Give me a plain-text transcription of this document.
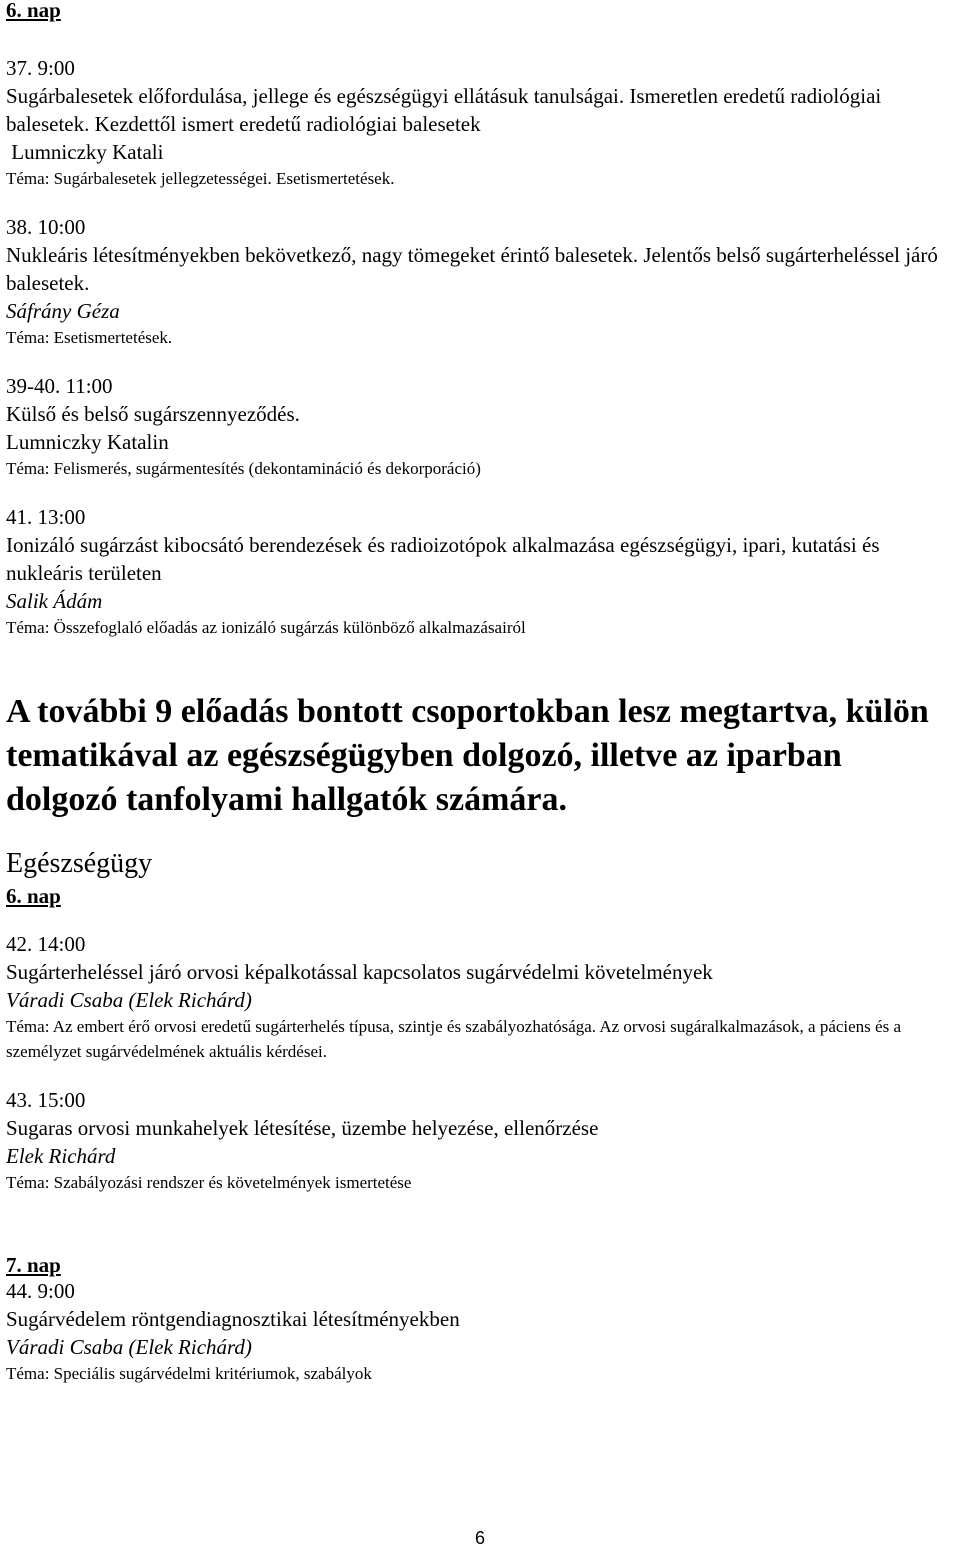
6. nap
37. 9:00
Sugárbalesetek előfordulása, jellege és egészségügyi ellátásuk tanulságai. Ismeretlen eredetű radiológiai balesetek. Kezdettől ismert eredetű radiológiai balesetek
Lumniczky Katali
Téma: Sugárbalesetek jellegzetességei. Esetismertetések.
38. 10:00
Nukleáris létesítményekben bekövetkező, nagy tömegeket érintő balesetek. Jelentős belső sugárterheléssel járó balesetek.
Sáfrány Géza
Téma: Esetismertetések.
39-40. 11:00
Külső és belső sugárszennyeződés.
Lumniczky Katalin
Téma: Felismerés, sugármentesítés (dekontamináció és dekorporáció)
41. 13:00
Ionizáló sugárzást kibocsátó berendezések és radioizotópok alkalmazása egészségügyi, ipari, kutatási és nukleáris területen
Salik Ádám
Téma: Összefoglaló előadás az ionizáló sugárzás különböző alkalmazásairól
A további 9 előadás bontott csoportokban lesz megtartva, külön tematikával az egészségügyben dolgozó, illetve az iparban dolgozó tanfolyami hallgatók számára.
Egészségügy
6. nap
42. 14:00
Sugárterheléssel járó orvosi képalkotással kapcsolatos sugárvédelmi követelmények
Váradi Csaba (Elek Richárd)
Téma: Az embert érő orvosi eredetű sugárterhelés típusa, szintje és szabályozhatósága. Az orvosi sugáralkalmazások, a páciens és a személyzet sugárvédelmének aktuális kérdései.
43. 15:00
Sugaras orvosi munkahelyek létesítése, üzembe helyezése, ellenőrzése
Elek Richárd
Téma: Szabályozási rendszer és követelmények ismertetése
7. nap
44. 9:00
Sugárvédelem röntgendiagnosztikai létesítményekben
Váradi Csaba (Elek Richárd)
Téma: Speciális sugárvédelmi kritériumok, szabályok
6
